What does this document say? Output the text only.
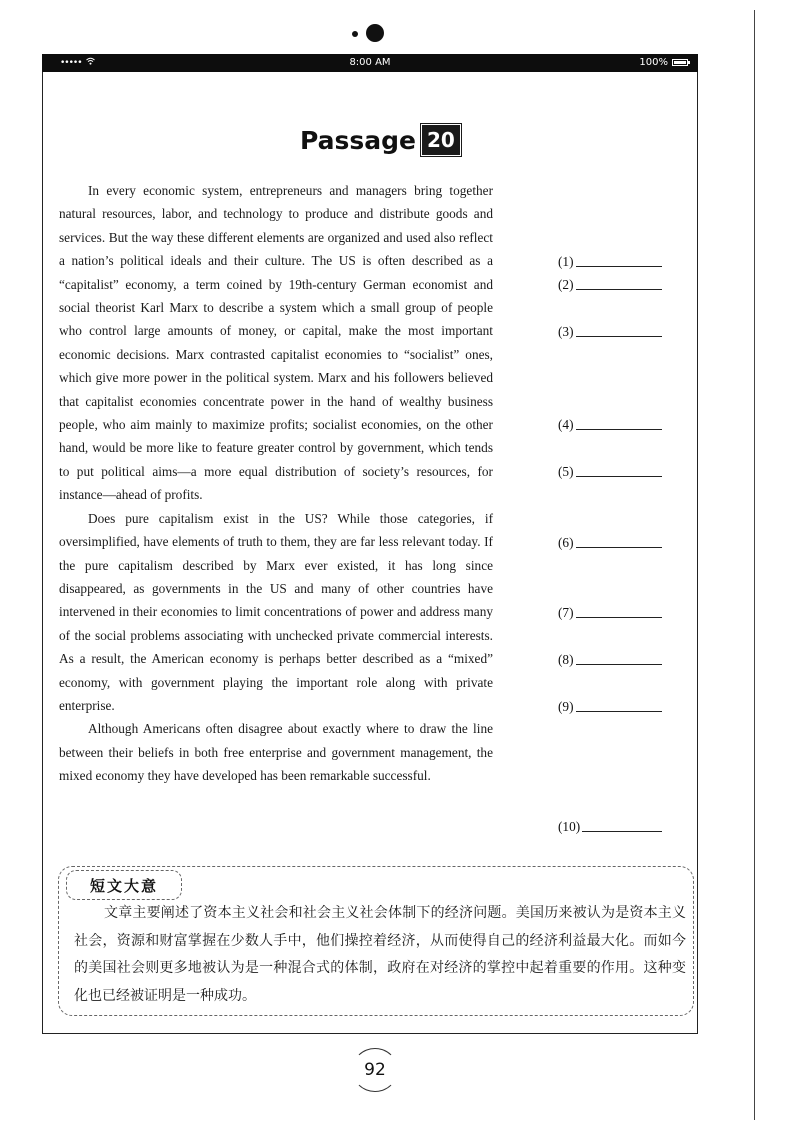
•••••	8:00 AM	100%
Passage 20

In every economic system, entrepreneurs and managers bring together natural resources, labor, and technology to produce and distribute goods and services. But the way these different elements are organized and used also reflect a nation’s political ideals and their culture. The US is often described as a “capitalist” economy, a term coined by 19th-century German economist and social theorist Karl Marx to describe a system which a small group of people who control large amounts of money, or capital, make the most important economic decisions. Marx contrasted capitalist economies to “socialist” ones, which give more power in the political system. Marx and his followers believed that capitalist economies concentrate power in the hand of wealthy business people, who aim mainly to maximize profits; socialist economies, on the other hand, would be more like to feature greater control by government, which tends to put political aims—a more equal distribution of society’s resources, for instance—ahead of profits.

Does pure capitalism exist in the US? While those categories, if oversimplified, have elements of truth to them, they are far less relevant today. If the pure capitalism described by Marx ever existed, it has long since disappeared, as governments in the US and many of other countries have intervened in their economies to limit concentrations of power and address many of the social problems associating with unchecked private commercial interests. As a result, the American economy is perhaps better described as a “mixed” economy, with government playing the important role along with private enterprise.

Although Americans often disagree about exactly where to draw the line between their beliefs in both free enterprise and government management, the mixed economy they have developed has been remarkable successful.

(1)
(2)
(3)
(4)
(5)
(6)
(7)
(8)
(9)
(10)
短文大意

文章主要阐述了资本主义社会和社会主义社会体制下的经济问题。美国历来被认为是资本主义社会，资源和财富掌握在少数人手中，他们操控着经济，从而使得自己的经济利益最大化。而如今的美国社会则更多地被认为是一种混合式的体制，政府在对经济的掌控中起着重要的作用。这种变化也已经被证明是一种成功。

92
